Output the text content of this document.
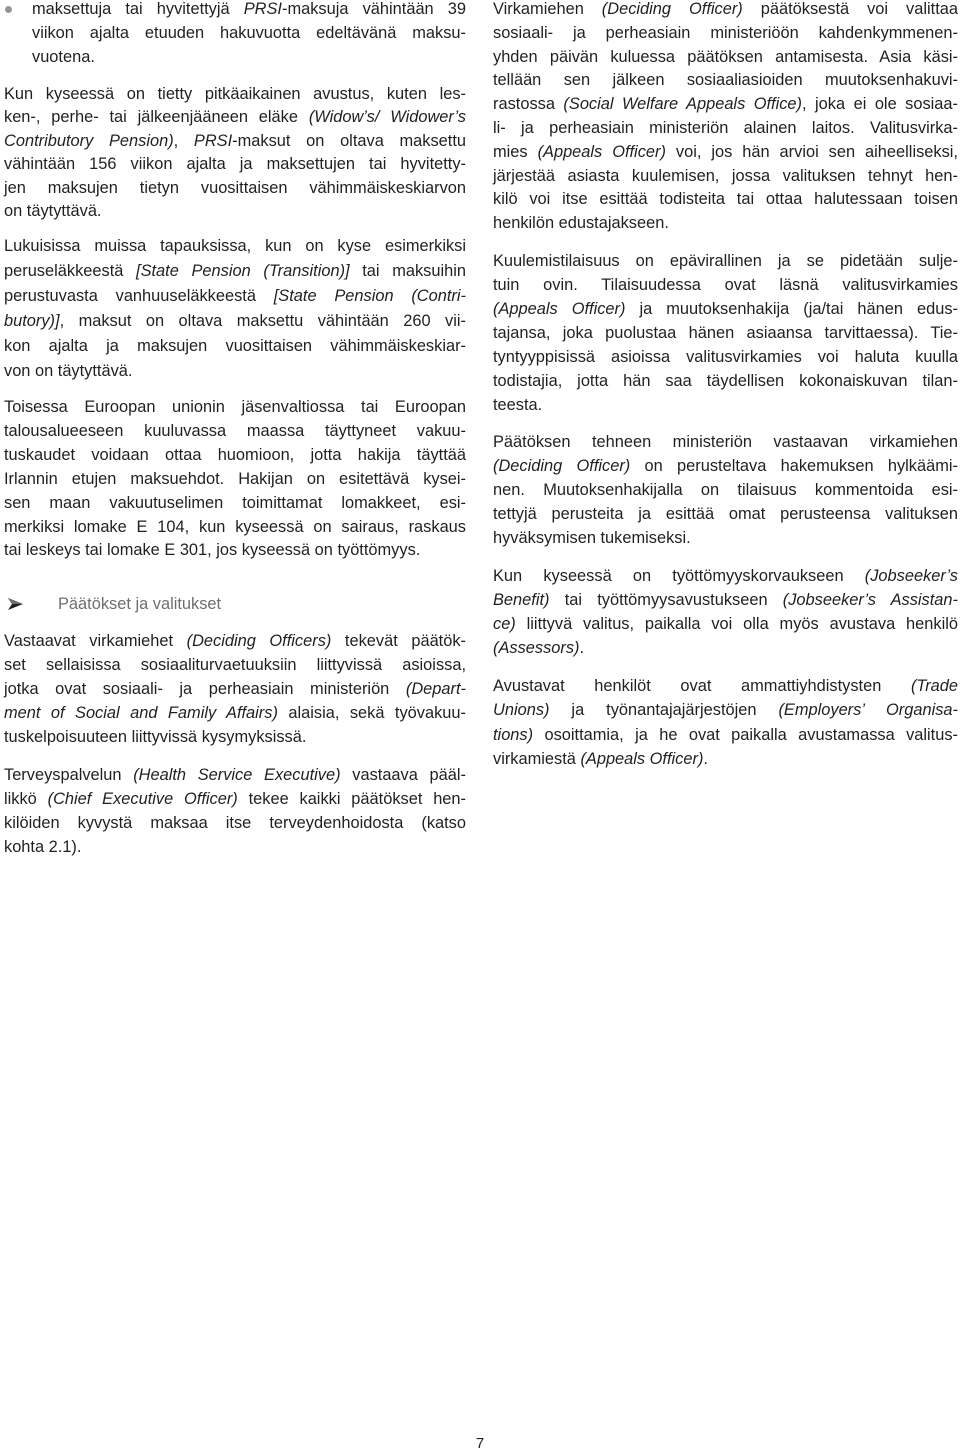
maksettuja tai hyvitettyjä PRSI-maksuja vähintään 39
viikon ajalta etuuden hakuvuotta edeltävänä maksu-
vuotena.
Kun kyseessä on tietty pitkäaikainen avustus, kuten les-
ken-, perhe- tai jälkeenjääneen eläke (Widow’s/ Widower’s
Contributory Pension), PRSI-maksut on oltava maksettu
vähintään 156 viikon ajalta ja maksettujen tai hyvitetty-
jen maksujen tietyn vuosittaisen vähimmäiskeskiarvon
on täytyttävä.
Lukuisissa muissa tapauksissa, kun on kyse esimerkiksi
peruseläkkeestä [State Pension (Transition)] tai maksuihin
perustuvasta vanhuuseläkkeestä [State Pension (Contri-
butory)], maksut on oltava maksettu vähintään 260 vii-
kon ajalta ja maksujen vuosittaisen vähimmäiskeskiar-
von on täytyttävä.
Toisessa Euroopan unionin jäsenvaltiossa tai Euroopan
talousalueeseen kuuluvassa maassa täyttyneet vakuu-
tuskaudet voidaan ottaa huomioon, jotta hakija täyttää
Irlannin etujen maksuehdot. Hakijan on esitettävä kysei-
sen maan vakuutuselimen toimittamat lomakkeet, esi-
merkiksi lomake E 104, kun kyseessä on sairaus, raskaus
tai leskeys tai lomake E 301, jos kyseessä on työttömyys.
Päätökset ja valitukset
Vastaavat virkamiehet (Deciding Officers) tekevät päätök-
set sellaisissa sosiaaliturvaetuuksiin liittyvissä asioissa,
jotka ovat sosiaali- ja perheasiain ministeriön (Depart-
ment of Social and Family Affairs) alaisia, sekä työvakuu-
tuskelpoisuuteen liittyvissä kysymyksissä.
Terveyspalvelun (Health Service Executive) vastaava pääl-
likkö (Chief Executive Officer) tekee kaikki päätökset hen-
kilöiden kyvystä maksaa itse terveydenhoidosta (katso
kohta 2.1).
Virkamiehen (Deciding Officer) päätöksestä voi valittaa
sosiaali- ja perheasiain ministeriöön kahdenkymmenen-
yhden päivän kuluessa päätöksen antamisesta. Asia käsi-
tellään sen jälkeen sosiaaliasioiden muutoksenhakuvi-
rastossa (Social Welfare Appeals Office), joka ei ole sosiaa-
li- ja perheasiain ministeriön alainen laitos. Valitusvirka-
mies (Appeals Officer) voi, jos hän arvioi sen aiheelliseksi,
järjestää asiasta kuulemisen, jossa valituksen tehnyt hen-
kilö voi itse esittää todisteita tai ottaa halutessaan toisen
henkilön edustajakseen.
Kuulemistilaisuus on epävirallinen ja se pidetään sulje-
tuin ovin. Tilaisuudessa ovat läsnä valitusvirkamies
(Appeals Officer) ja muutoksenhakija (ja/tai hänen edus-
tajansa, joka puolustaa hänen asiaansa tarvittaessa). Tie-
tyntyyppisissä asioissa valitusvirkamies voi haluta kuulla
todistajia, jotta hän saa täydellisen kokonaiskuvan tilan-
teesta.
Päätöksen tehneen ministeriön vastaavan virkamiehen
(Deciding Officer) on perusteltava hakemuksen hylkäämi-
nen. Muutoksenhakijalla on tilaisuus kommentoida esi-
tettyjä perusteita ja esittää omat perusteensa valituksen
hyväksymisen tukemiseksi.
Kun kyseessä on työttömyyskorvaukseen (Jobseeker’s
Benefit) tai työttömyysavustukseen (Jobseeker’s Assistan-
ce) liittyvä valitus, paikalla voi olla myös avustava henkilö
(Assessors).
Avustavat henkilöt ovat ammattiyhdistysten (Trade
Unions) ja työnantajajärjestöjen (Employers’ Organisa-
tions) osoittamia, ja he ovat paikalla avustamassa valitus-
virkamiestä (Appeals Officer).
7
